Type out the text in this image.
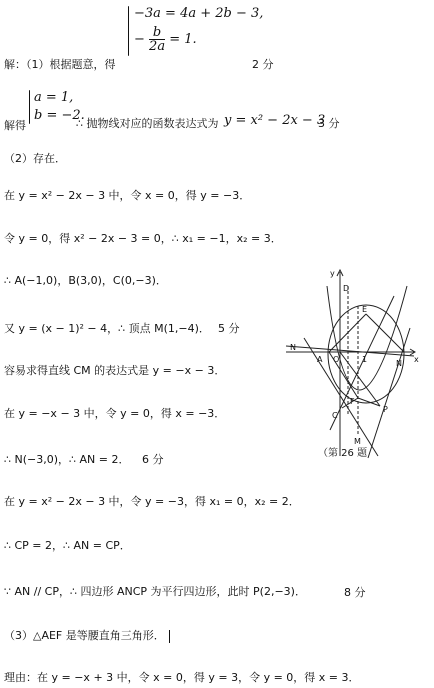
−3a = 4a + 2b − 3,
− $\frac{b}{2a} = 1$.
解：（1）根据题意，得	2 分
a = 1,
b = −2.
解得	∴ 抛物线对应的函数表达式为 y = x² − 2x − 3
3 分
（2）存在．
在 y = x² − 2x − 3 中，令 x = 0，得 y = −3．
令 y = 0，得 x² − 2x − 3 = 0，∴ x₁ = −1，x₂ = 3．
∴ A(−1,0)，B(3,0)，C(0,−3)．
又 y = (x − 1)² − 4，∴ 顶点 M(1,−4)． 5 分
容易求得直线 CM 的表达式是 y = −x − 3．
在 y = −x − 3 中，令 y = 0，得 x = −3．
∴ N(−3,0)，∴ AN = 2． 6 分
在 y = x² − 2x − 3 中，令 y = −3，得 x₁ = 0，x₂ = 2．
∴ CP = 2，∴ AN = CP．
∵ AN // CP，∴ 四边形 ANCP 为平行四边形，此时 P(2,−3)．	8 分
（3）△AEF 是等腰直角三角形．
理由：在 y = −x + 3 中，令 x = 0，得 y = 3，令 y = 0，得 x = 3．
y
x
D
E
N
A O	1	N
F
C
P
M
（第 26 题
